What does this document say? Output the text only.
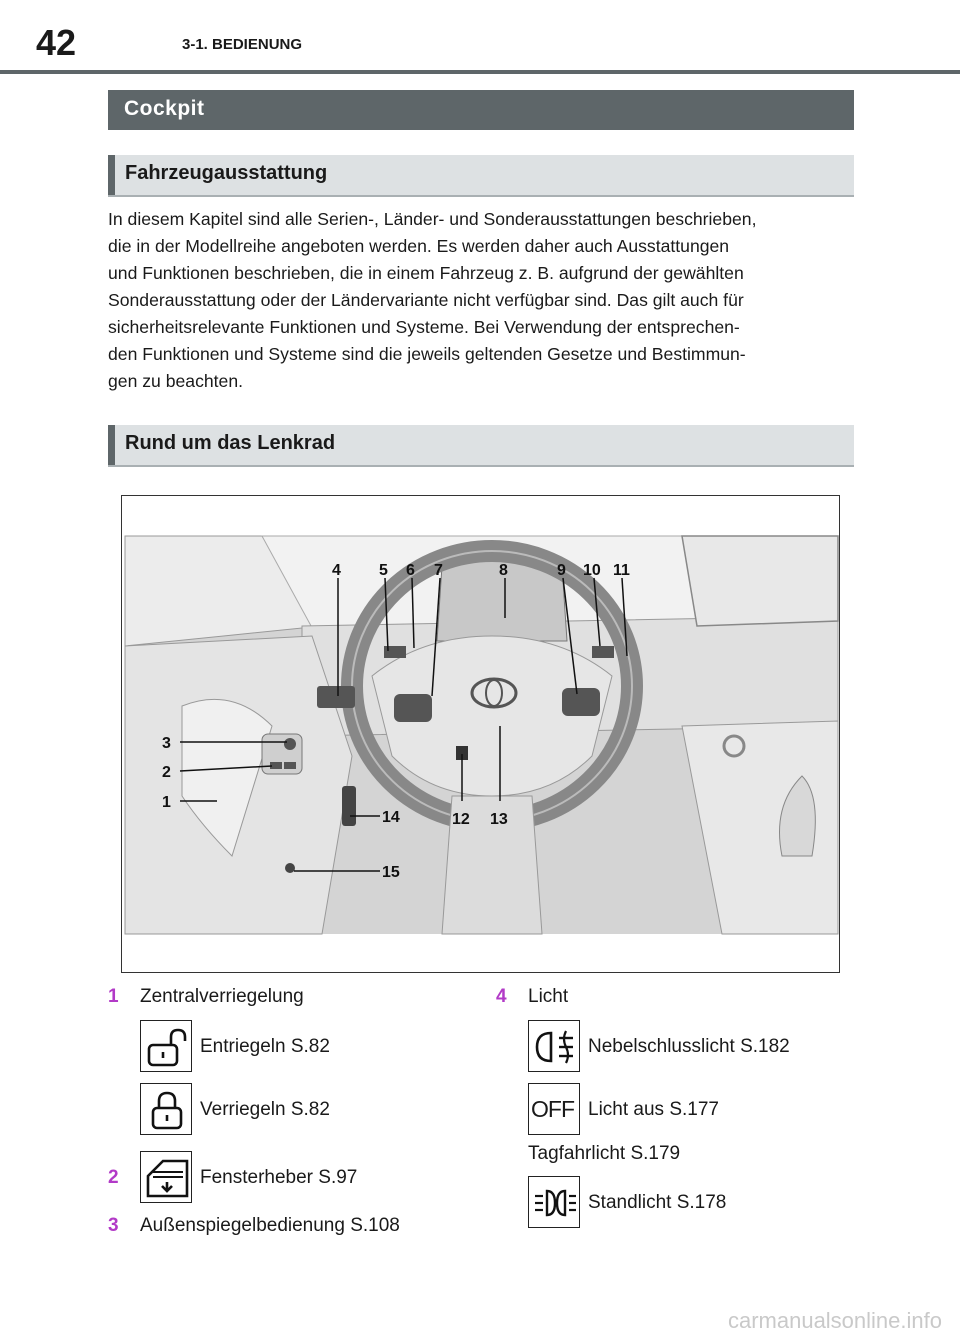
42	3-1. BEDIENUNG
Cockpit
Fahrzeugausstattung

In diesem Kapitel sind alle Serien-, Länder- und Sonderausstattungen beschrieben,

die in der Modellreihe angeboten werden. Es werden daher auch Ausstattungen

und Funktionen beschrieben, die in einem Fahrzeug z. B. aufgrund der gewählten

Sonderausstattung oder der Ländervariante nicht verfügbar sind. Das gilt auch für

sicherheitsrelevante Funktionen und Systeme. Bei Verwendung der entsprechen-

den Funktionen und Systeme sind die jeweils geltenden Gesetze und Bestimmun-

gen zu beachten.

Rund um das Lenkrad
4 5 6 7	8	9 10 11
3
2
1
12 13
14
15
1 Zentralverriegelung
Entriegeln S.82
Verriegeln S.82
2	Fensterheber S.97
3 Außenspiegelbedienung S.108
4 Licht
Nebelschlusslicht S.182
OFF Licht aus S.177
Tagfahrlicht S.179
Standlicht S.178
carmanualsonline.info
